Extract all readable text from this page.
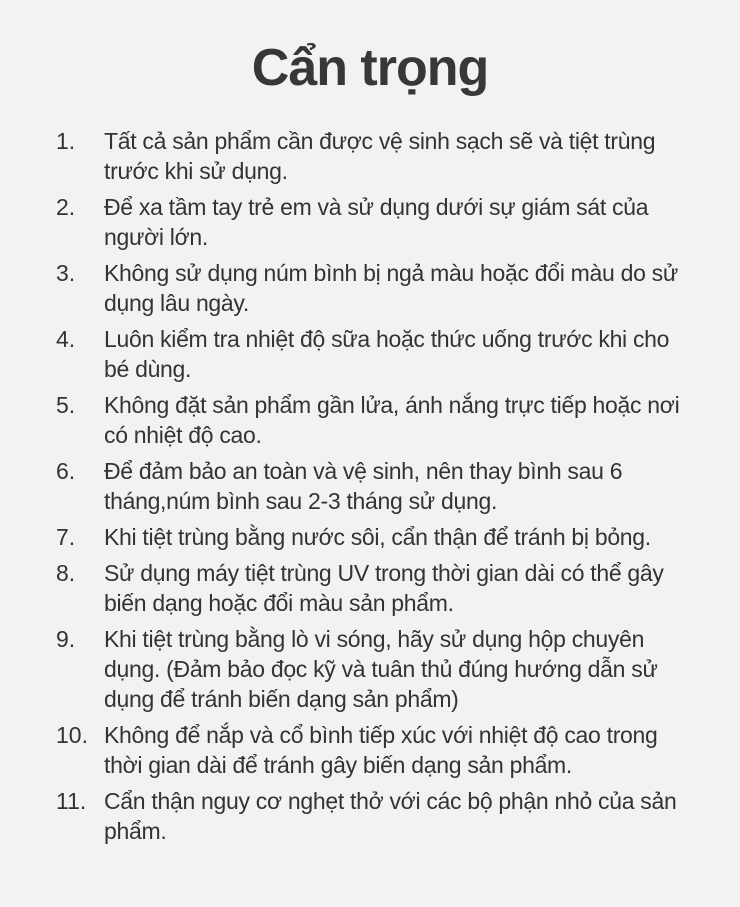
Cẩn trọng
1.	Tất cả sản phẩm cần được vệ sinh sạch sẽ và tiệt trùng trước khi sử dụng.
2.	Để xa tầm tay trẻ em và sử dụng dưới sự giám sát của người lớn.
3.	Không sử dụng núm bình bị ngả màu hoặc đổi màu do sử dụng lâu ngày.
4.	Luôn kiểm tra nhiệt độ sữa hoặc thức uống trước khi cho bé dùng.
5.	Không đặt sản phẩm gần lửa, ánh nắng trực tiếp hoặc nơi có nhiệt độ cao.
6.	Để đảm bảo an toàn và vệ sinh, nên thay bình sau 6 tháng,núm bình sau 2-3 tháng sử dụng.
7.	Khi tiệt trùng bằng nước sôi, cẩn thận để tránh bị bỏng.
8.	Sử dụng máy tiệt trùng UV trong thời gian dài có thể gây biến dạng hoặc đổi màu sản phẩm.
9.	Khi tiệt trùng bằng lò vi sóng, hãy sử dụng hộp chuyên dụng. (Đảm bảo đọc kỹ và tuân thủ đúng hướng dẫn sử dụng để tránh biến dạng sản phẩm)
10. Không để nắp và cổ bình tiếp xúc với nhiệt độ cao trong thời gian dài để tránh gây biến dạng sản phẩm.
11. Cẩn thận nguy cơ nghẹt thở với các bộ phận nhỏ của sản phẩm.
